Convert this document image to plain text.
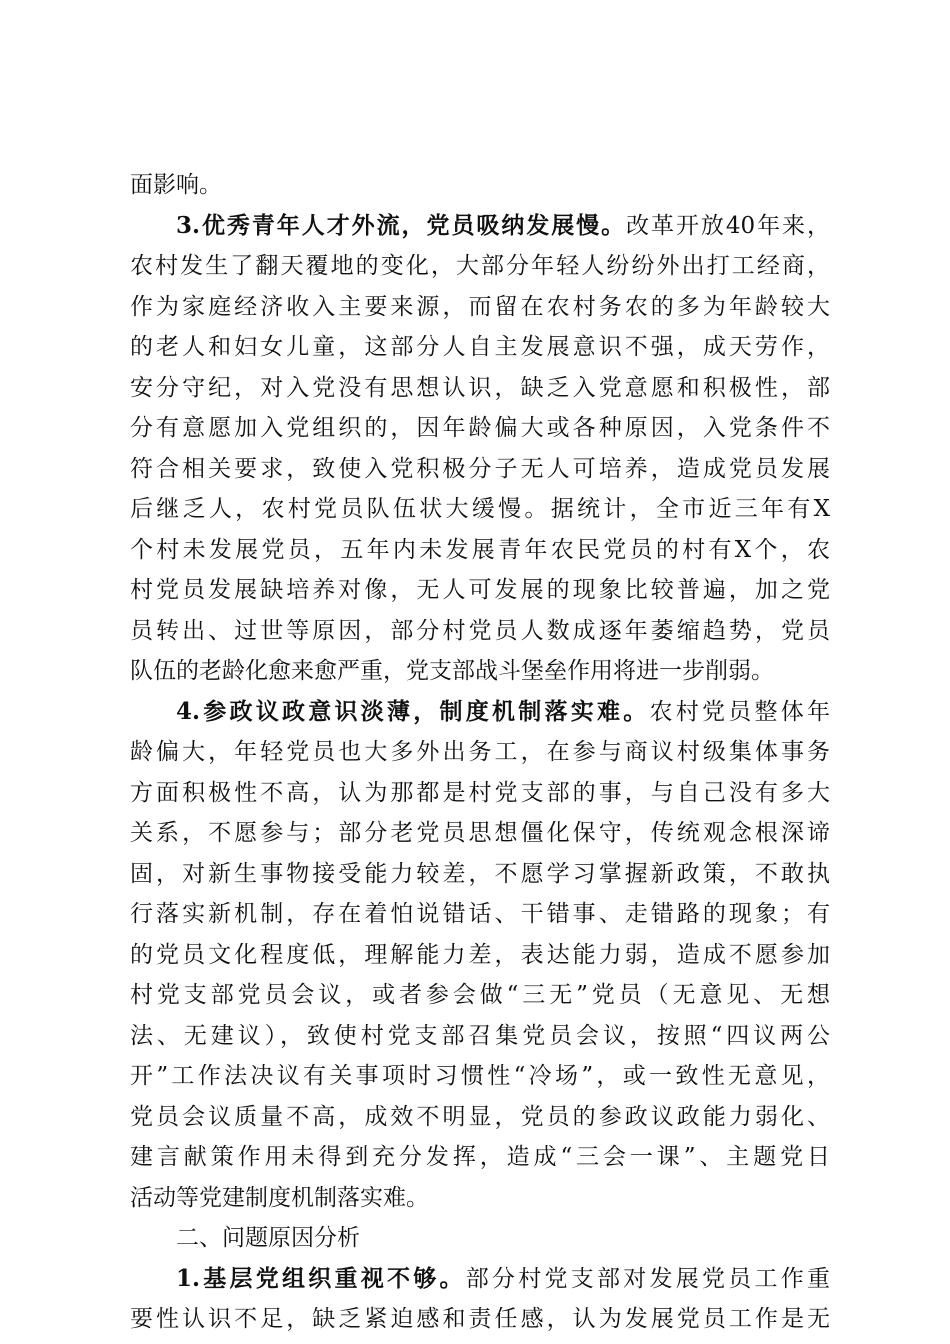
面影响。
3.优秀青年人才外流，党员吸纳发展慢。改革开放40年来，
农村发生了翻天覆地的变化，大部分年轻人纷纷外出打工经商，
作为家庭经济收入主要来源，而留在农村务农的多为年龄较大
的老人和妇女儿童，这部分人自主发展意识不强，成天劳作，
安分守纪，对入党没有思想认识，缺乏入党意愿和积极性，部
分有意愿加入党组织的，因年龄偏大或各种原因，入党条件不
符合相关要求，致使入党积极分子无人可培养，造成党员发展
后继乏人，农村党员队伍状大缓慢。据统计，全市近三年有X
个村未发展党员，五年内未发展青年农民党员的村有X个，农
村党员发展缺培养对像，无人可发展的现象比较普遍，加之党
员转出、过世等原因，部分村党员人数成逐年萎缩趋势，党员
队伍的老龄化愈来愈严重，党支部战斗堡垒作用将进一步削弱。
4.参政议政意识淡薄，制度机制落实难。农村党员整体年
龄偏大，年轻党员也大多外出务工，在参与商议村级集体事务
方面积极性不高，认为那都是村党支部的事，与自己没有多大
关系，不愿参与；部分老党员思想僵化保守，传统观念根深谛
固，对新生事物接受能力较差，不愿学习掌握新政策，不敢执
行落实新机制，存在着怕说错话、干错事、走错路的现象；有
的党员文化程度低，理解能力差，表达能力弱，造成不愿参加
村党支部党员会议，或者参会做“三无”党员（无意见、无想
法、无建议），致使村党支部召集党员会议，按照“四议两公
开”工作法决议有关事项时习惯性“冷场”，或一致性无意见，
党员会议质量不高，成效不明显，党员的参政议政能力弱化、
建言献策作用未得到充分发挥，造成“三会一课”、主题党日
活动等党建制度机制落实难。
二、问题原因分析
1.基层党组织重视不够。部分村党支部对发展党员工作重
要性认识不足，缺乏紧迫感和责任感，认为发展党员工作是无
